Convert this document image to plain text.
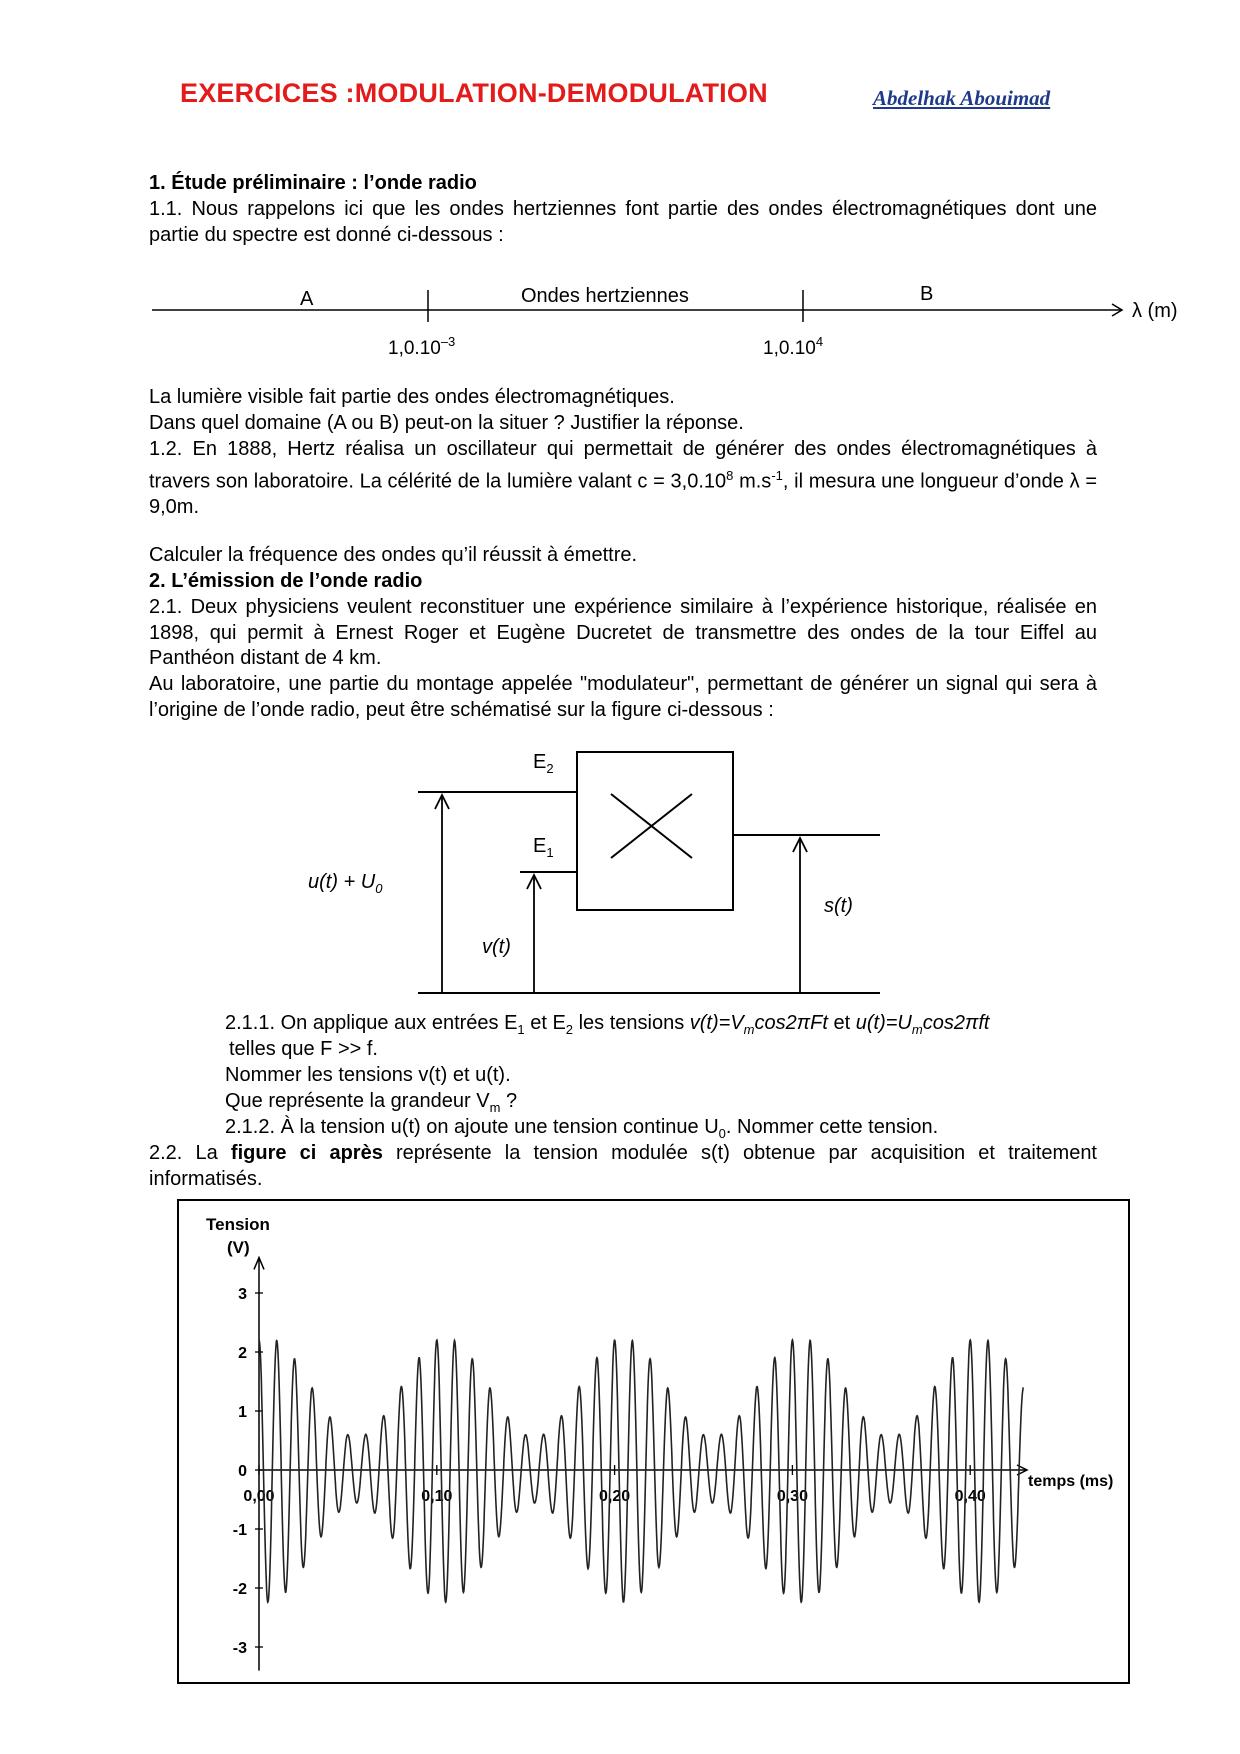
EXERCICES :MODULATION-DEMODULATION	Abdelhak Abouimad
1. Étude préliminaire : l’onde radio
1.1. Nous rappelons ici que les ondes hertziennes font partie des ondes électromagnétiques dont une partie du spectre est donné ci-dessous :
A	Ondes hertziennes	B
$1,0.10^{-3}$	1,0.10$^4$
λ (m)
La lumière visible fait partie des ondes électromagnétiques.
Dans quel domaine (A ou B) peut-on la situer ? Justifier la réponse.
1.2. En 1888, Hertz réalisa un oscillateur qui permettait de générer des ondes électromagnétiques à travers son laboratoire. La célérité de la lumière valant $c = 3,0.10^8$ $m.s^{-1}$, il mesura une longueur d’onde λ = 9,0m.
Calculer la fréquence des ondes qu’il réussit à émettre.
2. L’émission de l’onde radio
2.1. Deux physiciens veulent reconstituer une expérience similaire à l’expérience historique, réalisée en 1898, qui permit à Ernest Roger et Eugène Ducretet de transmettre des ondes de la tour Eiffel au Panthéon distant de 4 km.
Au laboratoire, une partie du montage appelée "modulateur", permettant de générer un signal qui sera à l’origine de l’onde radio, peut être schématisé sur la figure ci-dessous :
$E_2$
$E_1$
$u(t) + U_0$
v(t)
s(t)
2.1.1. On applique aux entrées $E_1$ et $E_2$ les tensions $v(t)=V_m\cos 2\pi Ft$ et $u(t)=U_m\cos 2\pi ft$
telles que F >> f.
Nommer les tensions v(t) et u(t).
Que représente la grandeur $V_m$ ?
2.1.2. À la tension u(t) on ajoute une tension continue $U_0$. Nommer cette tension.
2.2. La figure ci après représente la tension modulée s(t) obtenue par acquisition et traitement informatisés.
3
2
1
0
-1
-2
-3
0,00	0,10	0,20	0,30	0,40
Tension
(V)
temps (ms)
